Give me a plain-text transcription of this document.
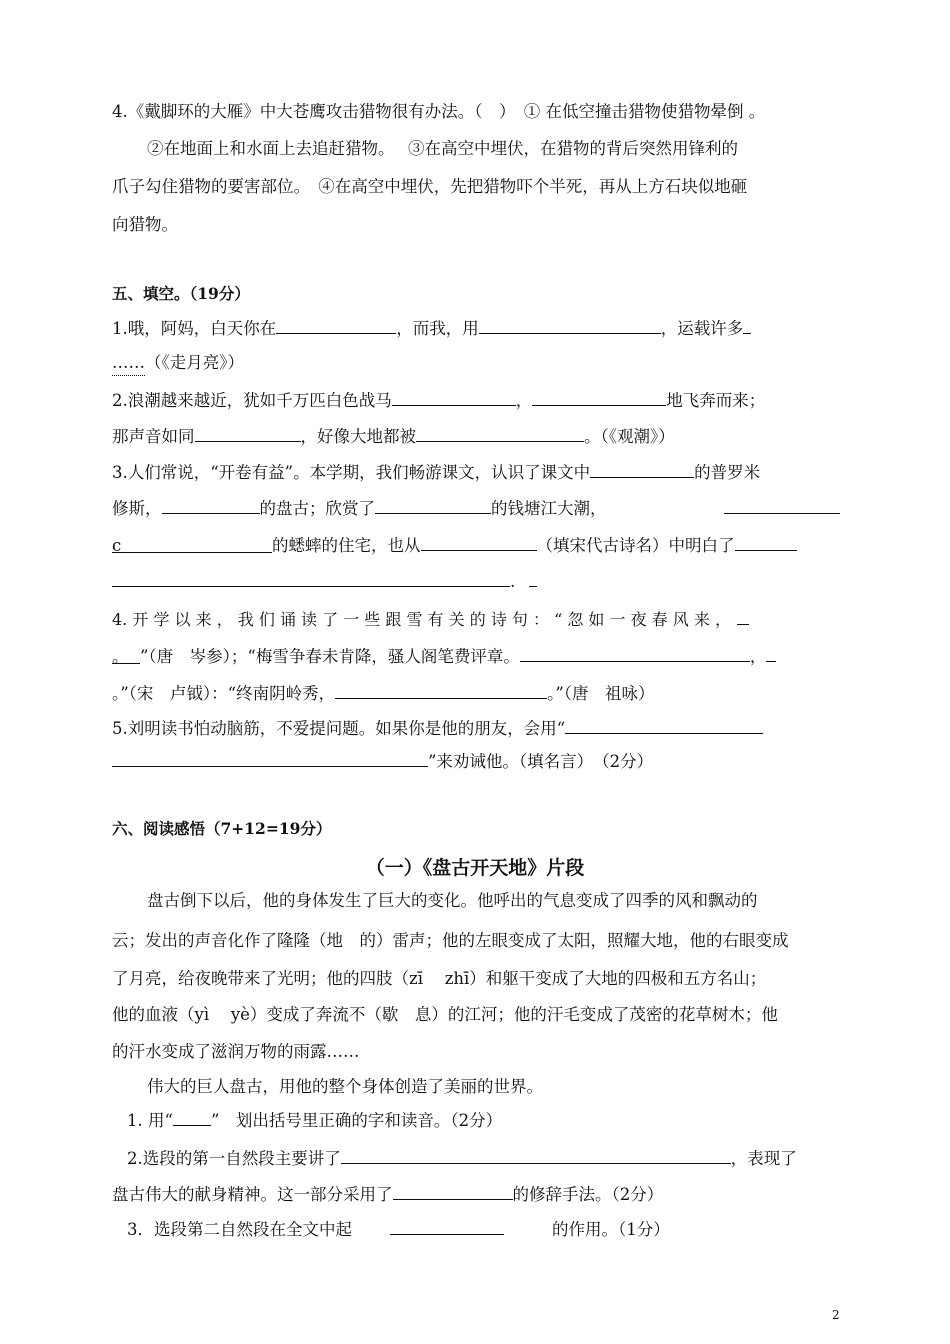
4.《戴脚环的大雁》中大苍鹰攻击猎物很有办法。（　）　① 在低空撞击猎物使猎物晕倒 。
②在地面上和水面上去追赶猎物。　 ③在高空中埋伏，在猎物的背后突然用锋利的
爪子勾住猎物的要害部位。　④在高空中埋伏，先把猎物吓个半死，再从上方石块似地砸
向猎物。
五、填空。（19分）
1.哦，阿妈，白天你在	，而我，用	，运载许多
……（《走月亮》）
2.浪潮越来越近，犹如千万匹白色战马	，	地飞奔而来；
那声音如同	，好像大地都被	。（《观潮》）
3.人们常说，“开卷有益”。本学期，我们畅游课文，认识了课文中	的普罗米
修斯，	的盘古；欣赏了	的钱塘江大潮，
c	的蟋蟀的住宅，也从	（填宋代古诗名）中明白了
.
4. 开 学 以 来 ， 我 们 诵 读 了 一 些 跟 雪 有 关 的 诗 句 ： “ 忽 如 一 夜 春 风 来 ，
。 ”（唐　岑参）；“梅雪争春未肯降，骚人阁笔费评章。	，
。”（宋　卢钺）：“终南阴岭秀，	。”（唐　祖咏）
5.刘明读书怕动脑筋，不爱提问题。如果你是他的朋友，会用“
”来劝诫他。（填名言）　（2分）
六、阅读感悟（7+12=19分）
（一）《盘古开天地》片段
盘古倒下以后，他的身体发生了巨大的变化。他呼出的气息变成了四季的风和飘动的
云；发出的声音化作了隆隆（地　的）雷声；他的左眼变成了太阳，照耀大地，他的右眼变成
了月亮，给夜晚带来了光明；他的四肢（zī　 zhī）和躯干变成了大地的四极和五方名山；
他的血液（yì　 yè）变成了奔流不（歇　息）的江河；他的汗毛变成了茂密的花草树木；他
的汗水变成了滋润万物的雨露……
伟大的巨人盘古，用他的整个身体创造了美丽的世界。
1. 用“ ”　划出括号里正确的字和读音。（2分）
2.选段的第一自然段主要讲了	，表现了
盘古伟大的献身精神。这一部分采用了	的修辞手法。（2分）
3．选段第二自然段在全文中起	的作用。（1分）
2
